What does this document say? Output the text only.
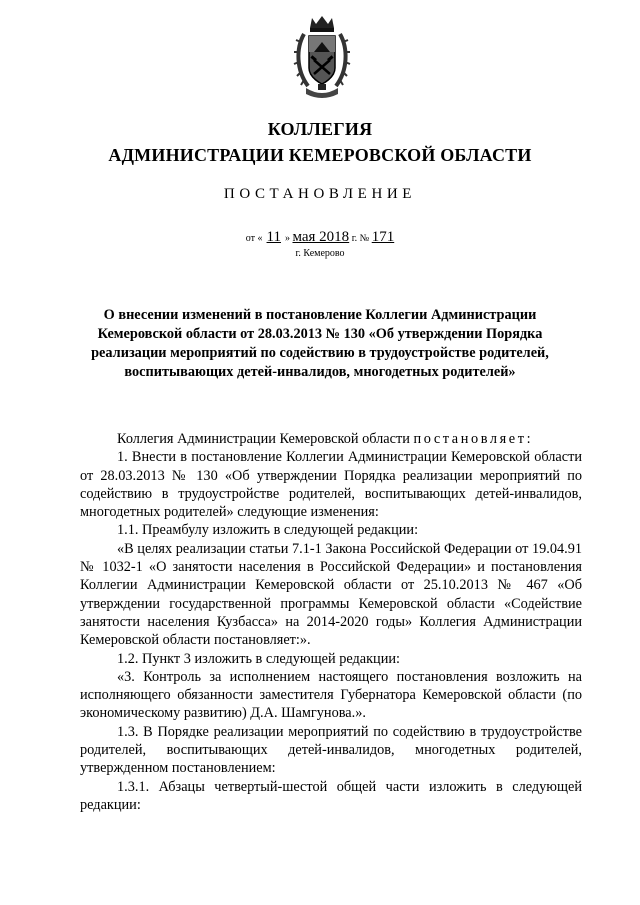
КОЛЛЕГИЯ
АДМИНИСТРАЦИИ КЕМЕРОВСКОЙ ОБЛАСТИ
ПОСТАНОВЛЕНИЕ
от « 11 » мая 2018 г. № 171
г. Кемерово
О внесении изменений в постановление Коллегии Администрации Кемеровской области от 28.03.2013 № 130 «Об утверждении Порядка реализации мероприятий по содействию в трудоустройстве родителей, воспитывающих детей-инвалидов, многодетных родителей»

Коллегия Администрации Кемеровской области постановляет:

1. Внести в постановление Коллегии Администрации Кемеровской области от 28.03.2013 № 130 «Об утверждении Порядка реализации мероприятий по содействию в трудоустройстве родителей, воспитывающих детей-инвалидов, многодетных родителей» следующие изменения:

1.1. Преамбулу изложить в следующей редакции:

«В целях реализации статьи 7.1-1 Закона Российской Федерации от 19.04.91 № 1032-1 «О занятости населения в Российской Федерации» и постановления Коллегии Администрации Кемеровской области от 25.10.2013 № 467 «Об утверждении государственной программы Кемеровской области «Содействие занятости населения Кузбасса» на 2014-2020 годы» Коллегия Администрации Кемеровской области постановляет:».

1.2. Пункт 3 изложить в следующей редакции:

«3. Контроль за исполнением настоящего постановления возложить на исполняющего обязанности заместителя Губернатора Кемеровской области (по экономическому развитию) Д.А. Шамгунова.».

1.3. В Порядке реализации мероприятий по содействию в трудоустройстве родителей, воспитывающих детей-инвалидов, многодетных родителей, утвержденном постановлением:

1.3.1. Абзацы четвертый-шестой общей части изложить в следующей редакции:
